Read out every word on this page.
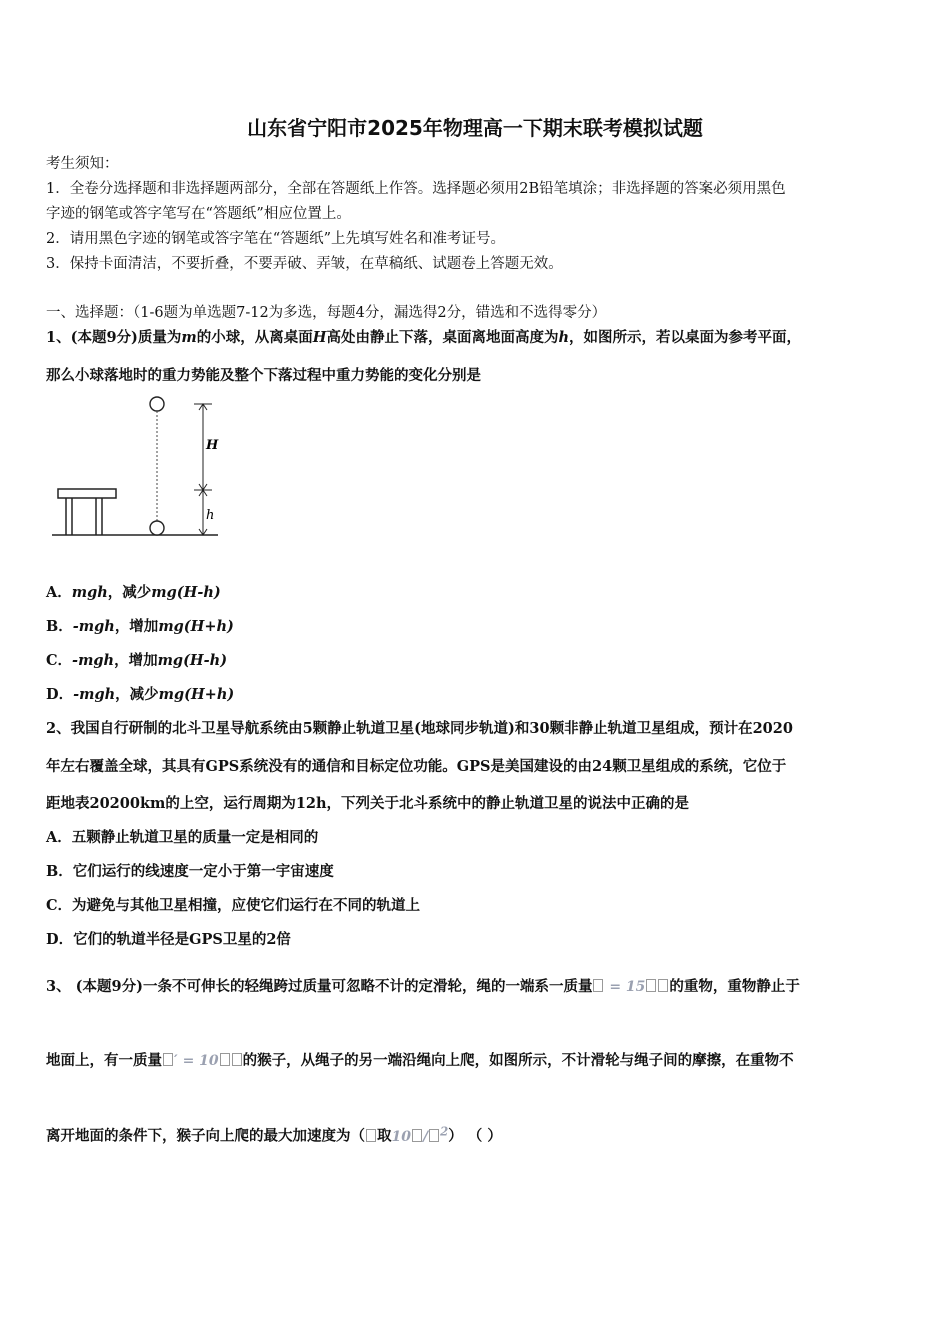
山东省宁阳市2025年物理高一下期末联考模拟试题
考生须知：
1．全卷分选择题和非选择题两部分，全部在答题纸上作答。选择题必须用2B铅笔填涂；非选择题的答案必须用黑色
字迹的钢笔或答字笔写在“答题纸”相应位置上。
2．请用黑色字迹的钢笔或答字笔在“答题纸”上先填写姓名和准考证号。
3．保持卡面清洁，不要折叠，不要弄破、弄皱，在草稿纸、试题卷上答题无效。
一、选择题：（1-6题为单选题7-12为多选，每题4分，漏选得2分，错选和不选得零分）
1、(本题9分)质量为m的小球，从离桌面H高处由静止下落，桌面离地面高度为h，如图所示，若以桌面为参考平面，
那么小球落地时的重力势能及整个下落过程中重力势能的变化分别是
H
h
A．mgh，减少mg(H-h)
B．-mgh，增加mg(H+h)
C．-mgh，增加mg(H-h)
D．-mgh，减少mg(H+h)
2、我国自行研制的北斗卫星导航系统由5颗静止轨道卫星(地球同步轨道)和30颗非静止轨道卫星组成，预计在2020
年左右覆盖全球，其具有GPS系统没有的通信和目标定位功能。GPS是美国建设的由24颗卫星组成的系统，它位于
距地表20200km的上空，运行周期为12h，下列关于北斗系统中的静止轨道卫星的说法中正确的是
A．五颗静止轨道卫星的质量一定是相同的
B．它们运行的线速度一定小于第一宇宙速度
C．为避免与其他卫星相撞，应使它们运行在不同的轨道上
D．它们的轨道半径是GPS卫星的2倍
3、 (本题9分)一条不可伸长的轻绳跨过质量可忽略不计的定滑轮，绳的一端系一质量 = 15 的重物，重物静止于
地面上，有一质量 ′ = 10 的猴子，从绳子的另一端沿绳向上爬，如图所示，不计滑轮与绳子间的摩擦，在重物不
离开地面的条件下，猴子向上爬的最大加速度为（ 取10 / $^2$） （ ）
